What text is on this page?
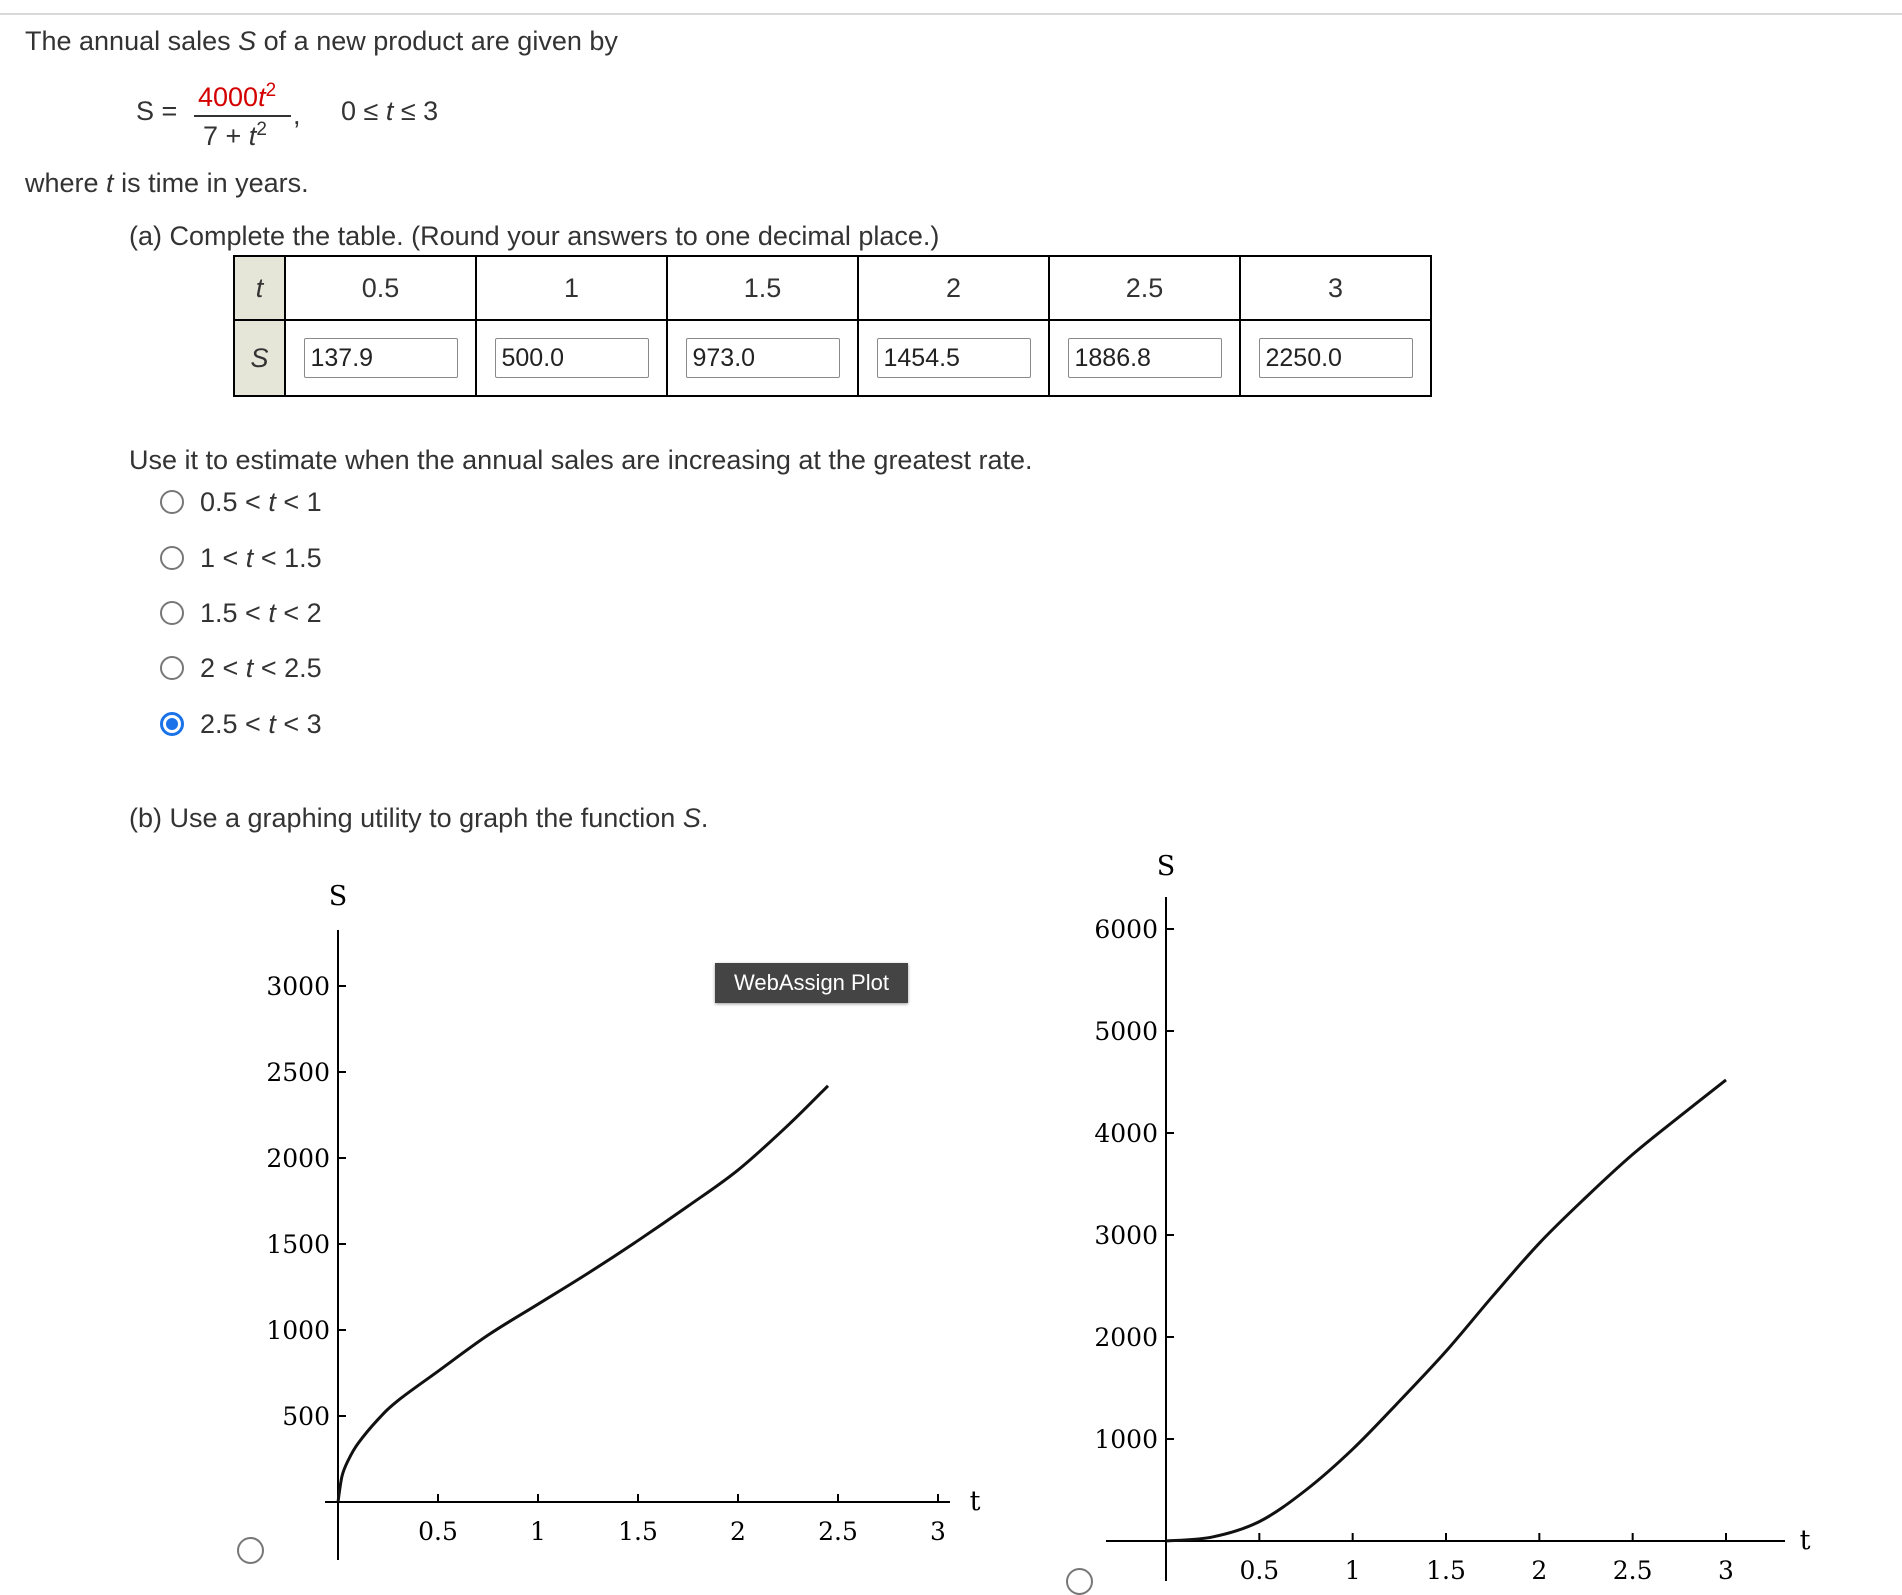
The annual sales S of a new product are given by
$S = 4000t^2$
$7 + t^2$ , 0 ≤ t ≤ 3
where t is time in years.
(a) Complete the table. (Round your answers to one decimal place.)
t	0.5	1	1.5	2	2.5	3
S	137.9	500.0	973.0	1454.5	1886.8	2250.0
Use it to estimate when the annual sales are increasing at the greatest rate.
0.5 < t < 1
1 < t < 1.5
1.5 < t < 2
2 < t < 2.5
2.5 < t < 3
(b) Use a graphing utility to graph the function S.
S
t
0.5	1	1.5	2	2.5	3
500
1000
1500
2000
2500
3000	WebAssign Plot
S
t
0.5	1	1.5	2	2.5	3
1000
2000
3000
4000
5000
6000
